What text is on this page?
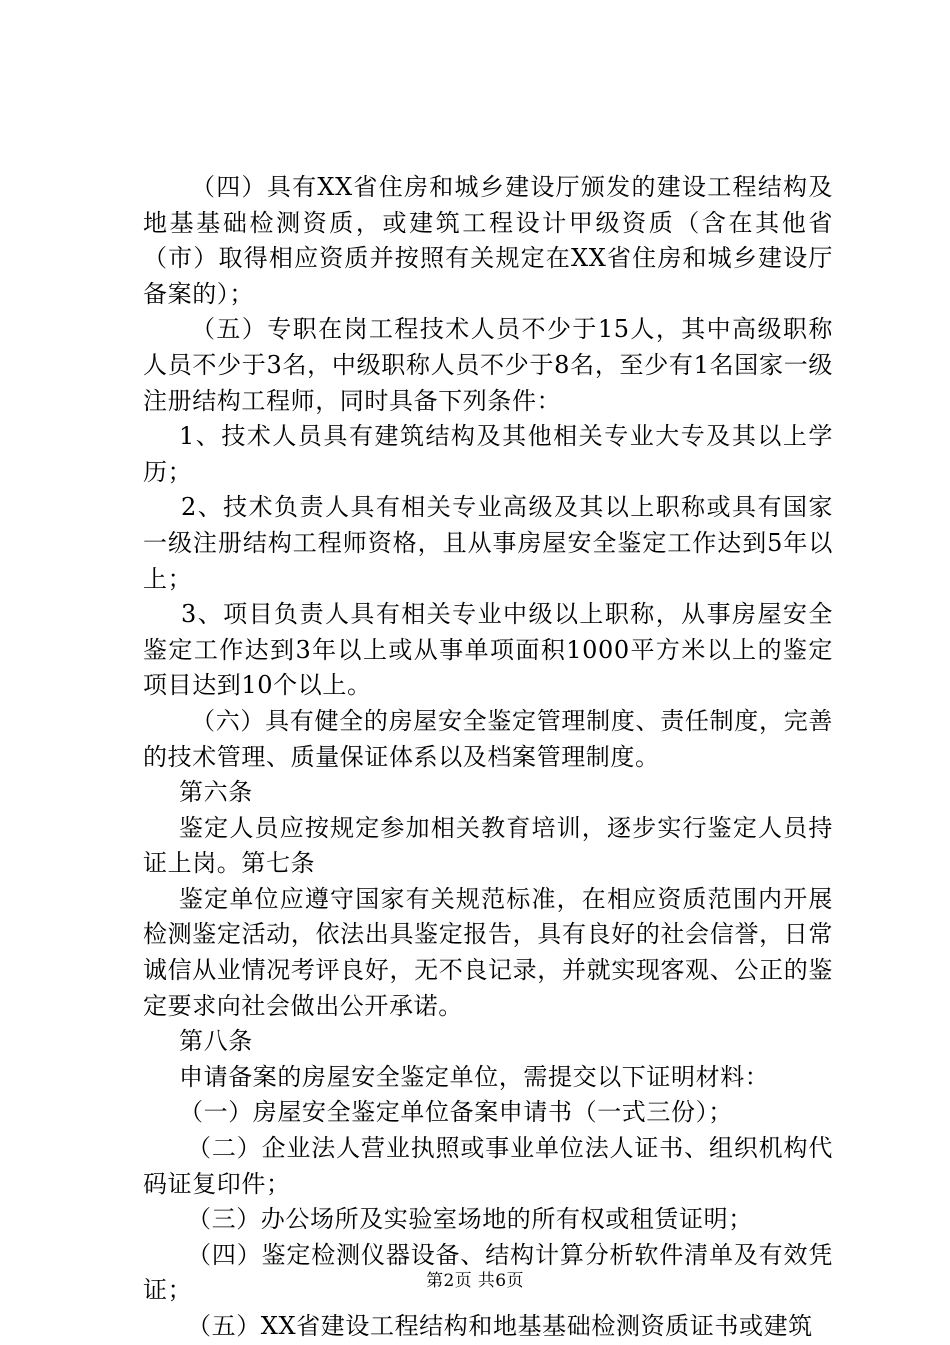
（四）具有XX省住房和城乡建设厅颁发的建设工程结构及地基基础检测资质，或建筑工程设计甲级资质（含在其他省（市）取得相应资质并按照有关规定在XX省住房和城乡建设厅备案的）；

（五）专职在岗工程技术人员不少于15人，其中高级职称人员不少于3名，中级职称人员不少于8名，至少有1名国家一级注册结构工程师，同时具备下列条件：

1、技术人员具有建筑结构及其他相关专业大专及其以上学历；

2、技术负责人具有相关专业高级及其以上职称或具有国家一级注册结构工程师资格，且从事房屋安全鉴定工作达到5年以上；

3、项目负责人具有相关专业中级以上职称，从事房屋安全鉴定工作达到3年以上或从事单项面积1000平方米以上的鉴定项目达到10个以上。

（六）具有健全的房屋安全鉴定管理制度、责任制度，完善的技术管理、质量保证体系以及档案管理制度。

第六条

鉴定人员应按规定参加相关教育培训，逐步实行鉴定人员持证上岗。第七条

鉴定单位应遵守国家有关规范标准，在相应资质范围内开展检测鉴定活动，依法出具鉴定报告，具有良好的社会信誉，日常诚信从业情况考评良好，无不良记录，并就实现客观、公正的鉴定要求向社会做出公开承诺。

第八条

申请备案的房屋安全鉴定单位，需提交以下证明材料：

（一）房屋安全鉴定单位备案申请书（一式三份）；

（二）企业法人营业执照或事业单位法人证书、组织机构代码证复印件；

（三）办公场所及实验室场地的所有权或租赁证明；

（四）鉴定检测仪器设备、结构计算分析软件清单及有效凭证；

（五）XX省建设工程结构和地基基础检测资质证书或建筑

第2页 共6页
